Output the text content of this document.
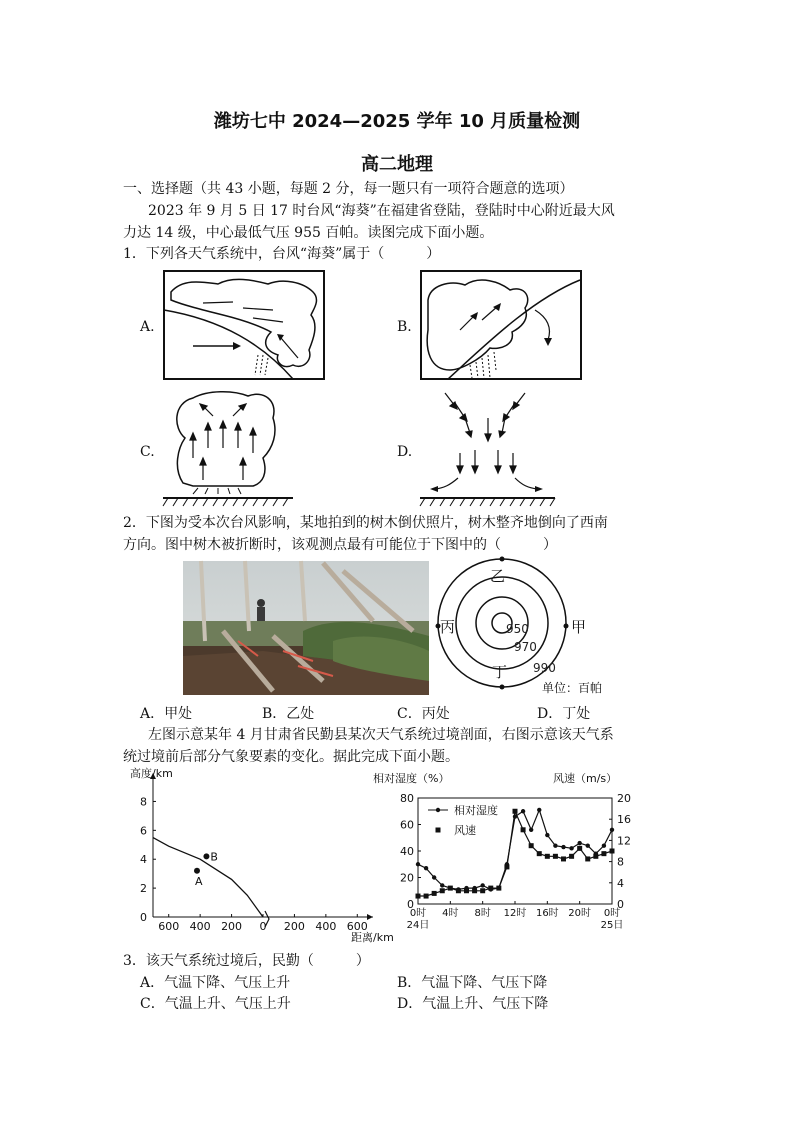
潍坊七中 2024—2025 学年 10 月质量检测
高二地理
一、选择题（共 43 小题，每题 2 分，每一题只有一项符合题意的选项）
2023 年 9 月 5 日 17 时台风“海葵”在福建省登陆，登陆时中心附近最大风
力达 14 级，中心最低气压 955 百帕。读图完成下面小题。
1．下列各天气系统中，台风“海葵”属于（　　　）
A.	B.
C.	D.
2．下图为受本次台风影响，某地拍到的树木倒伏照片，树木整齐地倒向了西南
方向。图中树木被折断时，该观测点最有可能位于下图中的（　　　）
乙
甲
丙
丁
950
970
990
单位：百帕
A．甲处	B．乙处	C．丙处	D．丁处
左图示意某年 4 月甘肃省民勤县某次天气系统过境剖面，右图示意该天气系
统过境前后部分气象要素的变化。据此完成下面小题。
600 400 200 0 200 400 600
0
2
4
6
8
高度/km
距离/km
A
B
相对湿度（%）	风速（m/s）
0
20
40
60
80
0
4
8
12
16
20
0时 4时 8时 12时 16时 20时 0时
24日	25日
相对湿度
风速
3．该天气系统过境后，民勤（　　　）
A．气温下降、气压上升	B．气温下降、气压下降
C．气温上升、气压上升	D．气温上升、气压下降
